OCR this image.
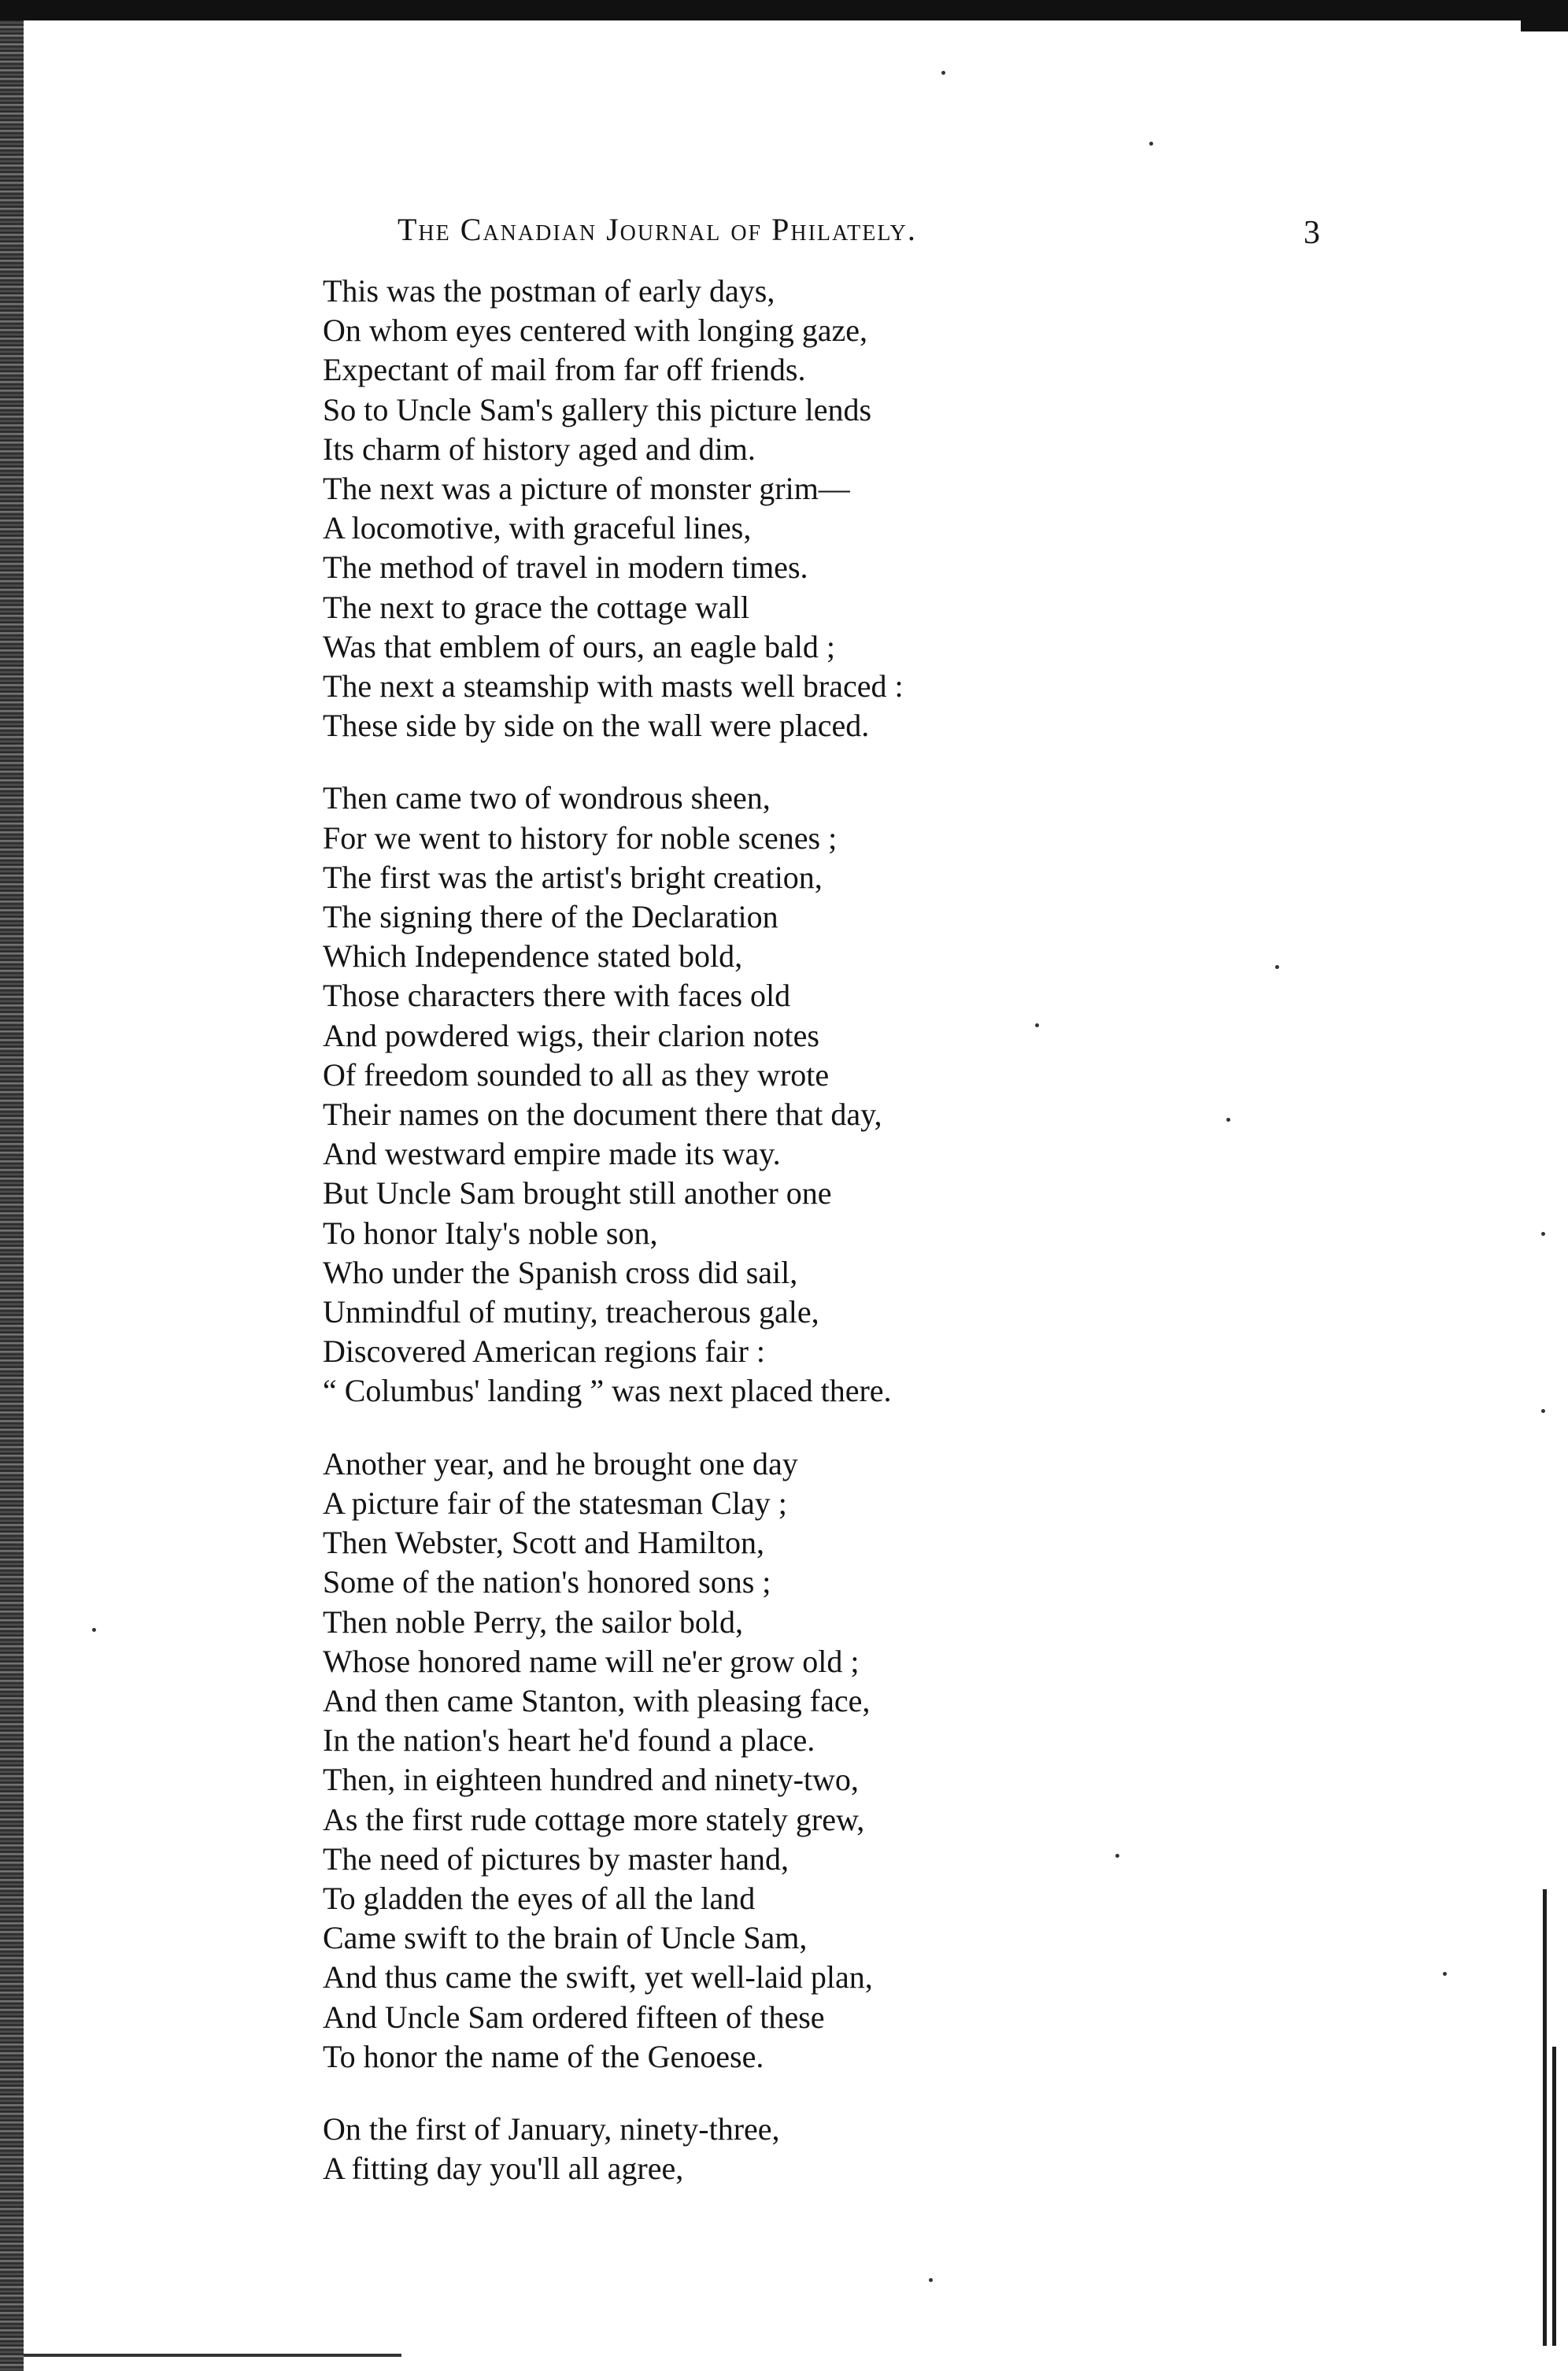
The Canadian Journal of Philately.	3

This was the postman of early days,
On whom eyes centered with longing gaze,
Expectant of mail from far off friends.
So to Uncle Sam's gallery this picture lends
Its charm of history aged and dim.
The next was a picture of monster grim—
A locomotive, with graceful lines,
The method of travel in modern times.
The next to grace the cottage wall
Was that emblem of ours, an eagle bald ;
The next a steamship with masts well braced :
These side by side on the wall were placed.

Then came two of wondrous sheen,
For we went to history for noble scenes ;
The first was the artist's bright creation,
The signing there of the Declaration
Which Independence stated bold,
Those characters there with faces old
And powdered wigs, their clarion notes
Of freedom sounded to all as they wrote
Their names on the document there that day,
And westward empire made its way.
But Uncle Sam brought still another one
To honor Italy's noble son,
Who under the Spanish cross did sail,
Unmindful of mutiny, treacherous gale,
Discovered American regions fair :
“ Columbus' landing ” was next placed there.

Another year, and he brought one day
A picture fair of the statesman Clay ;
Then Webster, Scott and Hamilton,
Some of the nation's honored sons ;
Then noble Perry, the sailor bold,
Whose honored name will ne'er grow old ;
And then came Stanton, with pleasing face,
In the nation's heart he'd found a place.
Then, in eighteen hundred and ninety-two,
As the first rude cottage more stately grew,
The need of pictures by master hand,
To gladden the eyes of all the land
Came swift to the brain of Uncle Sam,
And thus came the swift, yet well-laid plan,
And Uncle Sam ordered fifteen of these
To honor the name of the Genoese.

On the first of January, ninety-three,
A fitting day you'll all agree,
